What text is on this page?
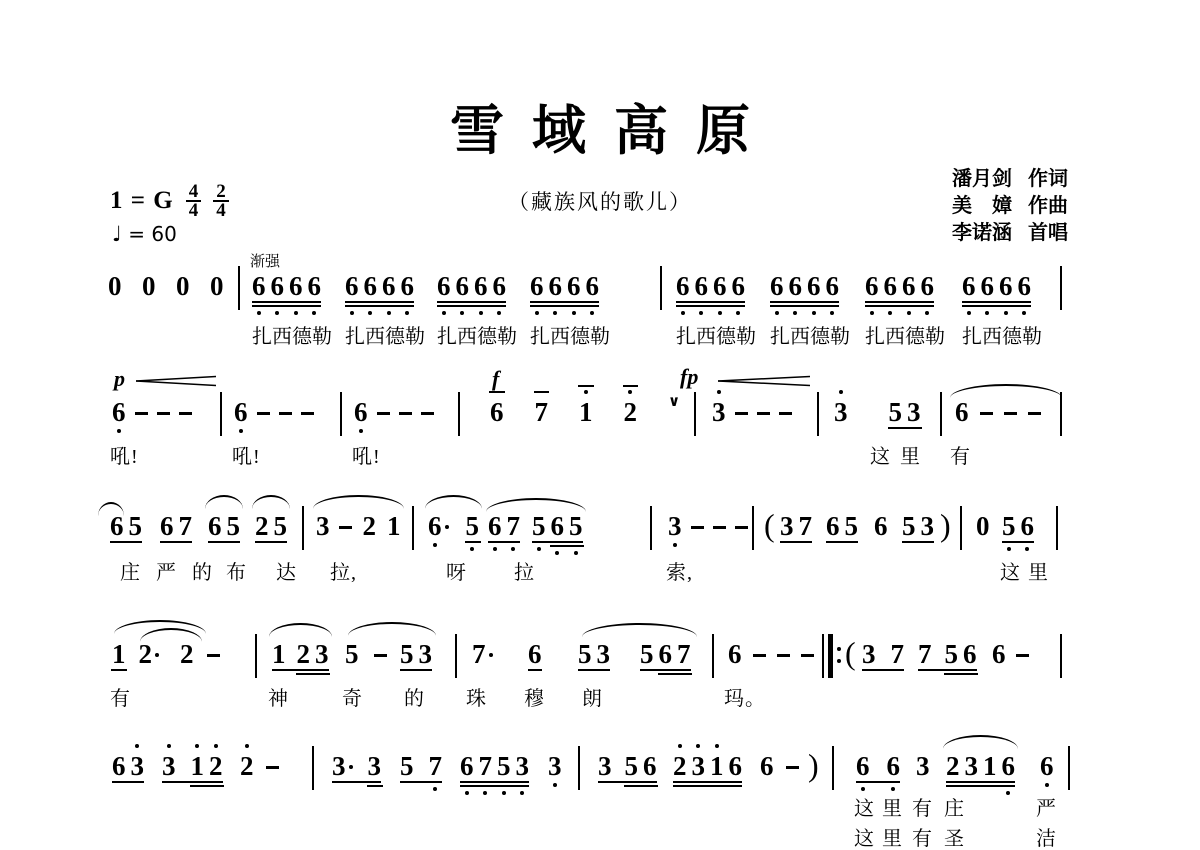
雪域高原
（藏族风的歌儿）
潘月剑 作词
美　嫜 作曲
李诺涵 首唱
1 = G $\frac{4}{4} \frac{2}{4}$
♩ = 60
0 0 0 0 6 6 6 6 6 6 6 6 6 6 6 6 6 6 6 6	6 6 6 6 6 6 6 6 6 6 6 6 6 6 6 6
扎 西 德 勒 扎 西 德 勒 扎 西 德 勒 扎 西 德 勒	扎 西 德 勒 扎 西 德 勒 扎 西 德 勒 扎 西 德 勒
渐强
6	6	6	6 7 1 2 ∨ 3	3 5 3 6
吼!	吼!	吼!	这 里 有
p	f	fp
6 5 6 7 6 5 2 5 3 2 1 6 5 6 7 5 6 5	3	( 3 7 6 5 6 5 3 ) 0 5 6
庄 严 的 布 达 拉,	呀 拉	索,	这 里
1 2 2	1 2 3 5 5 3 7 6 5 3 5 6 7 6	( 3 7 7 5 6 6
有	神	奇 的 珠 穆 朗	玛。
6 3 3 1 2 2	3 3 5 7 6 7 5 3 3 3 5 6 2 3 1 6 6 ) 6 6 3 2 3 1 6 6
这 里 有 庄	严
这 里 有 圣	洁
